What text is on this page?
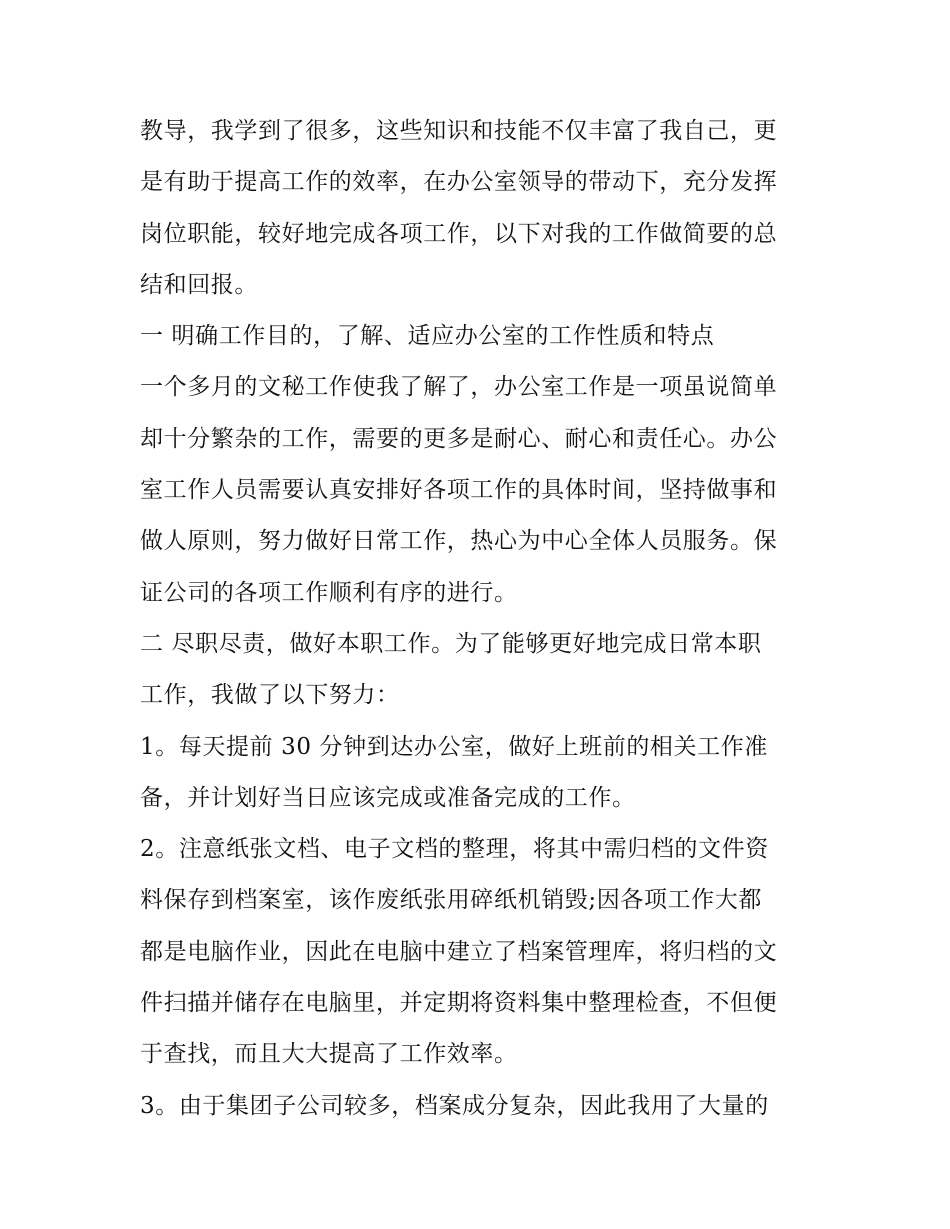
教导，我学到了很多，这些知识和技能不仅丰富了我自己，更
是有助于提高工作的效率，在办公室领导的带动下，充分发挥
岗位职能，较好地完成各项工作，以下对我的工作做简要的总
结和回报。
一 明确工作目的，了解、适应办公室的工作性质和特点
一个多月的文秘工作使我了解了，办公室工作是一项虽说简单
却十分繁杂的工作，需要的更多是耐心、耐心和责任心。办公
室工作人员需要认真安排好各项工作的具体时间，坚持做事和
做人原则，努力做好日常工作，热心为中心全体人员服务。保
证公司的各项工作顺利有序的进行。
二 尽职尽责，做好本职工作。为了能够更好地完成日常本职
工作，我做了以下努力：
1。每天提前 30 分钟到达办公室，做好上班前的相关工作准
备，并计划好当日应该完成或准备完成的工作。
2。注意纸张文档、电子文档的整理，将其中需归档的文件资
料保存到档案室，该作废纸张用碎纸机销毁;因各项工作大都
都是电脑作业，因此在电脑中建立了档案管理库，将归档的文
件扫描并储存在电脑里，并定期将资料集中整理检查，不但便
于查找，而且大大提高了工作效率。
3。由于集团子公司较多，档案成分复杂，因此我用了大量的
